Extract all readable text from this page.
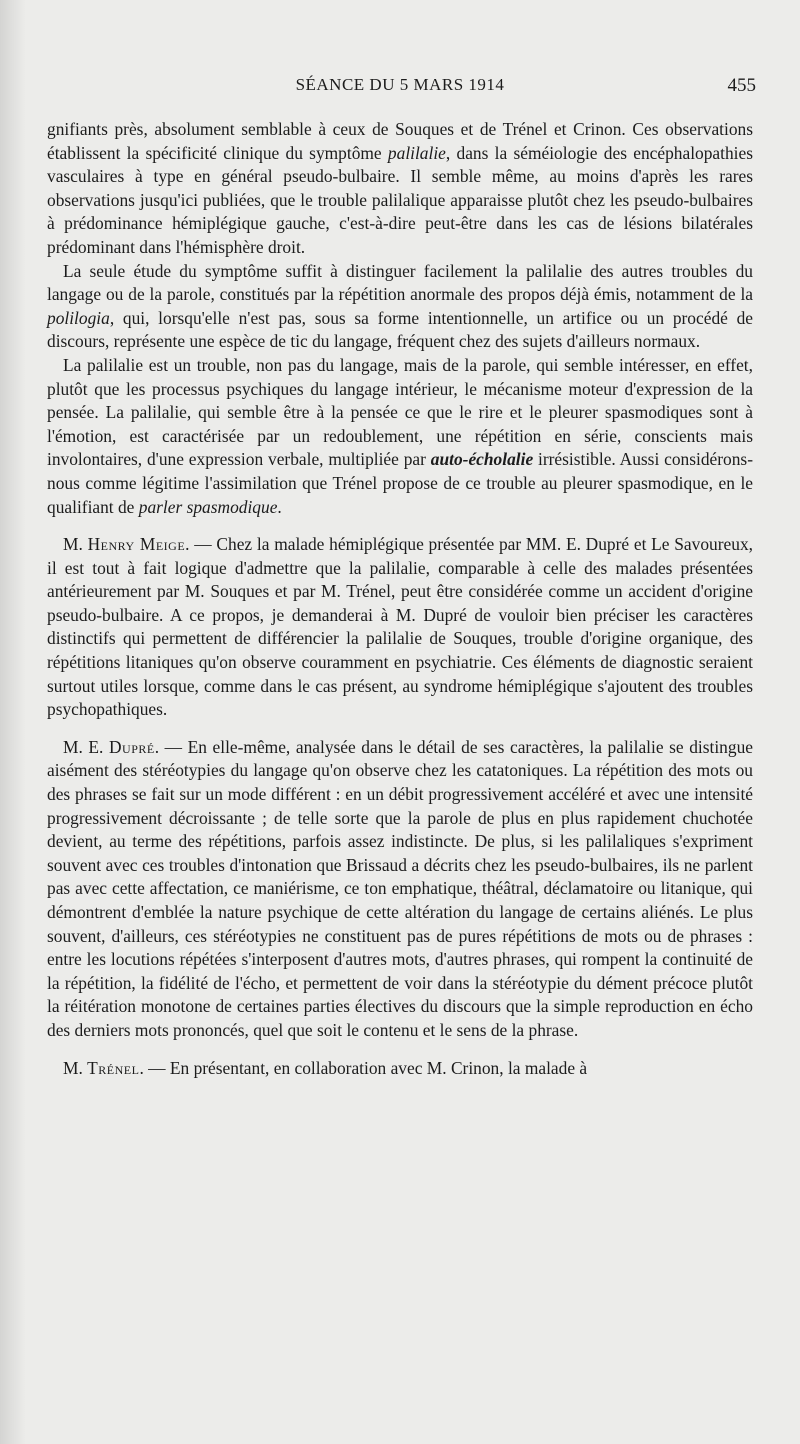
SÉANCE DU 5 MARS 1914	455

gnifiants près, absolument semblable à ceux de Souques et de Trénel et Crinon. Ces observations établissent la spécificité clinique du symptôme palilalie, dans la séméiologie des encéphalopathies vasculaires à type en général pseudo-bulbaire. Il semble même, au moins d'après les rares observations jusqu'ici publiées, que le trouble palilalique apparaisse plutôt chez les pseudo-bulbaires à prédominance hémiplégique gauche, c'est-à-dire peut-être dans les cas de lésions bilatérales prédominant dans l'hémisphère droit.

La seule étude du symptôme suffit à distinguer facilement la palilalie des autres troubles du langage ou de la parole, constitués par la répétition anormale des propos déjà émis, notamment de la polilogia, qui, lorsqu'elle n'est pas, sous sa forme intentionnelle, un artifice ou un procédé de discours, représente une espèce de tic du langage, fréquent chez des sujets d'ailleurs normaux.

La palilalie est un trouble, non pas du langage, mais de la parole, qui semble intéresser, en effet, plutôt que les processus psychiques du langage intérieur, le mécanisme moteur d'expression de la pensée. La palilalie, qui semble être à la pensée ce que le rire et le pleurer spasmodiques sont à l'émotion, est caractérisée par un redoublement, une répétition en série, conscients mais involontaires, d'une expression verbale, multipliée par auto-écholalie irrésistible. Aussi considérons-nous comme légitime l'assimilation que Trénel propose de ce trouble au pleurer spasmodique, en le qualifiant de parler spasmodique.

M. Henry Meige. — Chez la malade hémiplégique présentée par MM. E. Dupré et Le Savoureux, il est tout à fait logique d'admettre que la palilalie, comparable à celle des malades présentées antérieurement par M. Souques et par M. Trénel, peut être considérée comme un accident d'origine pseudo-bulbaire. A ce propos, je demanderai à M. Dupré de vouloir bien préciser les caractères distinctifs qui permettent de différencier la palilalie de Souques, trouble d'origine organique, des répétitions litaniques qu'on observe couramment en psychiatrie. Ces éléments de diagnostic seraient surtout utiles lorsque, comme dans le cas présent, au syndrome hémiplégique s'ajoutent des troubles psychopathiques.

M. E. Dupré. — En elle-même, analysée dans le détail de ses caractères, la palilalie se distingue aisément des stéréotypies du langage qu'on observe chez les catatoniques. La répétition des mots ou des phrases se fait sur un mode différent : en un débit progressivement accéléré et avec une intensité progressivement décroissante ; de telle sorte que la parole de plus en plus rapidement chuchotée devient, au terme des répétitions, parfois assez indistincte. De plus, si les palilaliques s'expriment souvent avec ces troubles d'intonation que Brissaud a décrits chez les pseudo-bulbaires, ils ne parlent pas avec cette affectation, ce maniérisme, ce ton emphatique, théâtral, déclamatoire ou litanique, qui démontrent d'emblée la nature psychique de cette altération du langage de certains aliénés. Le plus souvent, d'ailleurs, ces stéréotypies ne constituent pas de pures répétitions de mots ou de phrases : entre les locutions répétées s'interposent d'autres mots, d'autres phrases, qui rompent la continuité de la répétition, la fidélité de l'écho, et permettent de voir dans la stéréotypie du dément précoce plutôt la réitération monotone de certaines parties électives du discours que la simple reproduction en écho des derniers mots prononcés, quel que soit le contenu et le sens de la phrase.

M. Trénel. — En présentant, en collaboration avec M. Crinon, la malade à
